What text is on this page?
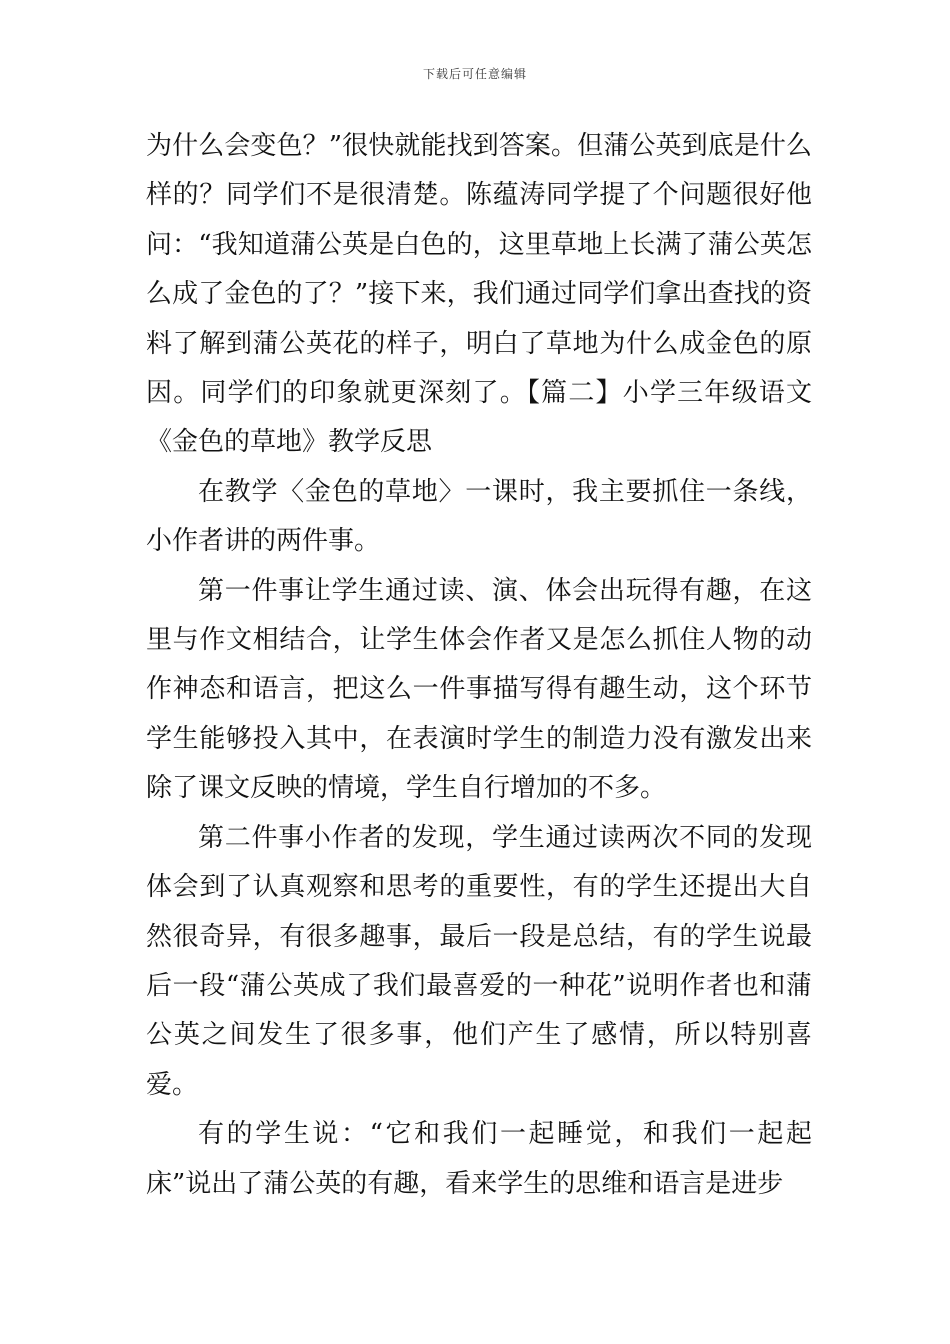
下载后可任意编辑

为什么会变色？”很快就能找到答案。但蒲公英到底是什么样的？同学们不是很清楚。陈蕴涛同学提了个问题很好他问：“我知道蒲公英是白色的，这里草地上长满了蒲公英怎么成了金色的了？”接下来，我们通过同学们拿出查找的资料了解到蒲公英花的样子，明白了草地为什么成金色的原因。同学们的印象就更深刻了。【篇二】小学三年级语文《金色的草地》教学反思

在教学〈金色的草地〉一课时，我主要抓住一条线，小作者讲的两件事。

第一件事让学生通过读、演、体会出玩得有趣，在这里与作文相结合，让学生体会作者又是怎么抓住人物的动作神态和语言，把这么一件事描写得有趣生动，这个环节学生能够投入其中，在表演时学生的制造力没有激发出来除了课文反映的情境，学生自行增加的不多。

第二件事小作者的发现，学生通过读两次不同的发现体会到了认真观察和思考的重要性，有的学生还提出大自然很奇异，有很多趣事，最后一段是总结，有的学生说最后一段“蒲公英成了我们最喜爱的一种花”说明作者也和蒲公英之间发生了很多事，他们产生了感情，所以特别喜爱。

有的学生说：“它和我们一起睡觉，和我们一起起床”说出了蒲公英的有趣，看来学生的思维和语言是进步
